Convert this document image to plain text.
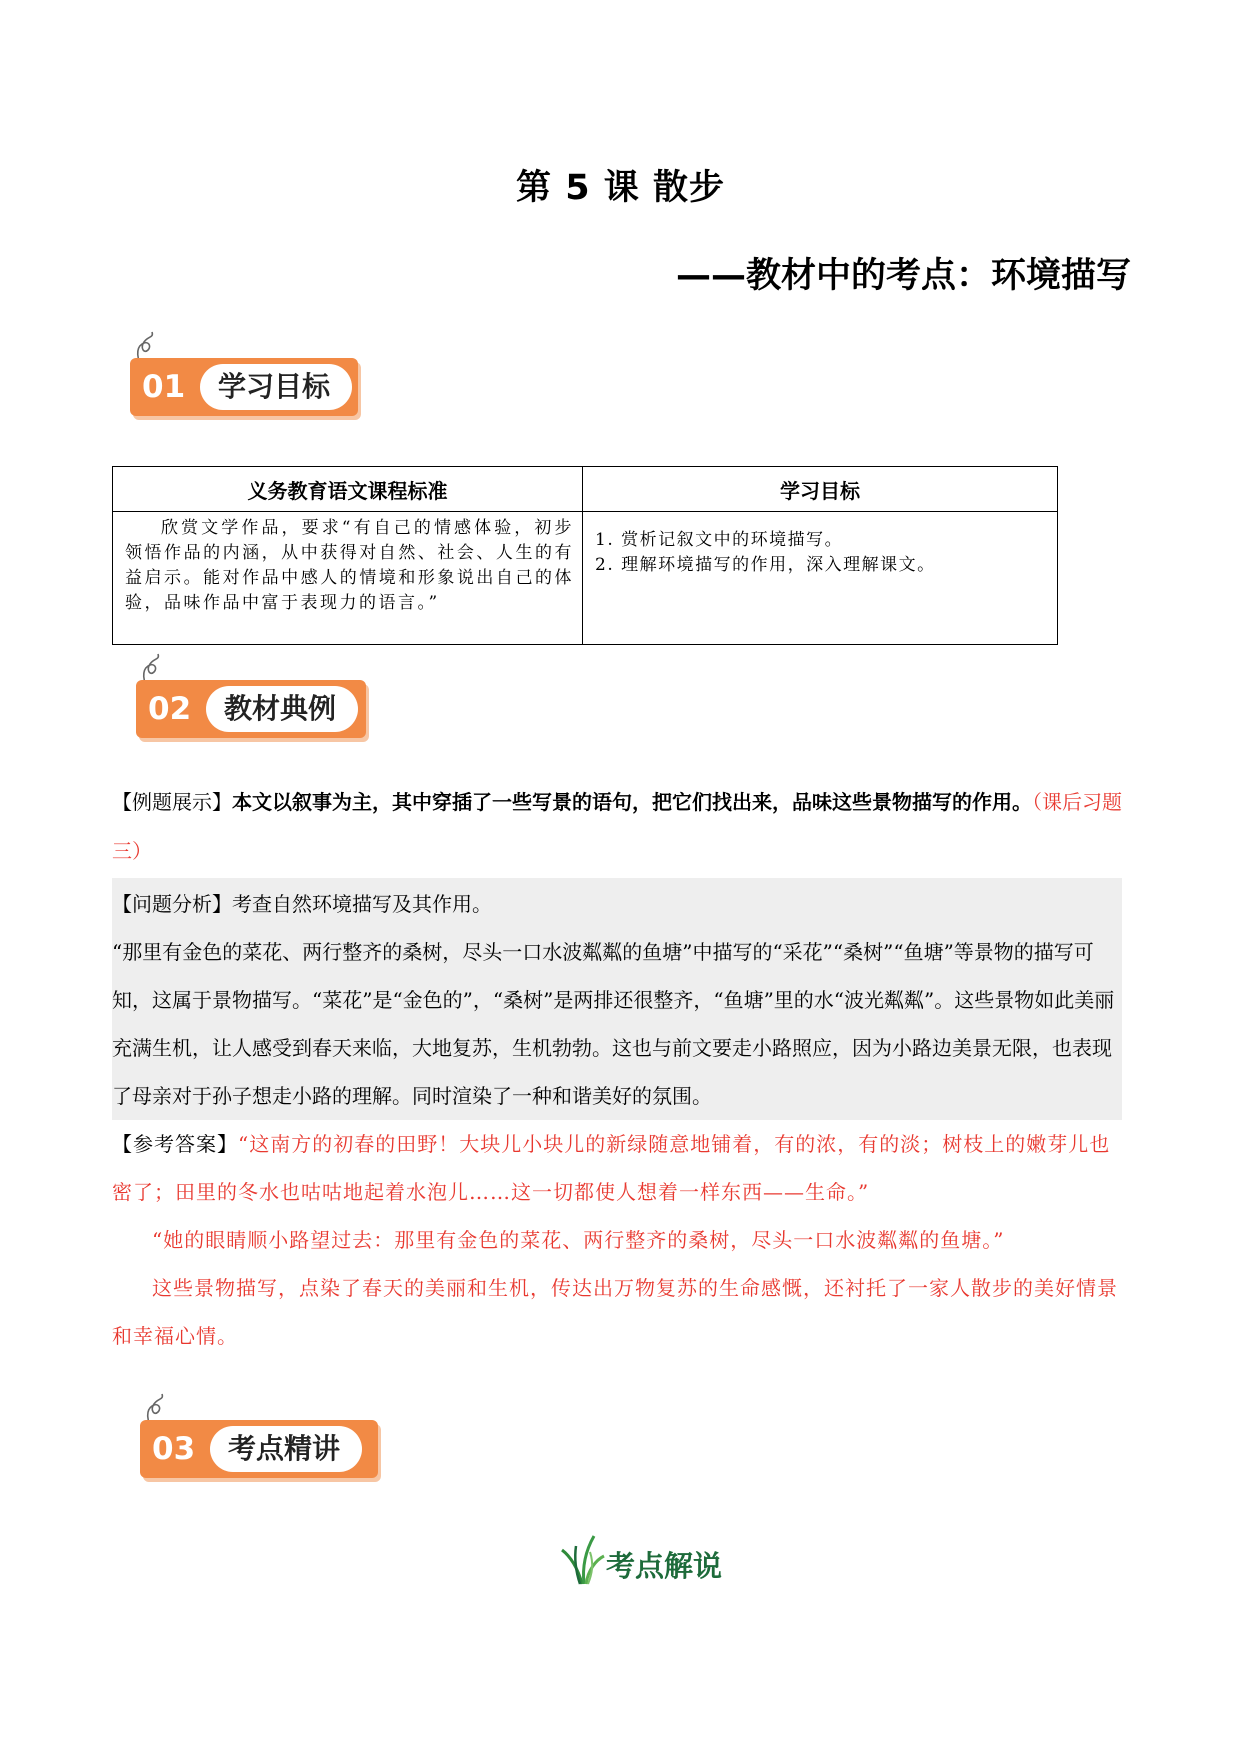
第 5 课 散步
——教材中的考点：环境描写
01	学习目标
义务教育语文课程标准	学习目标
欣赏文学作品，要求“有自己的情感体验，初步领悟作品的内涵，从中获得对自然、社会、人生的有益启示。能对作品中感人的情境和形象说出自己的体验，品味作品中富于表现力的语言。”	1. 赏析记叙文中的环境描写。
2. 理解环境描写的作用，深入理解课文。
02	教材典例
【例题展示】本文以叙事为主，其中穿插了一些写景的语句，把它们找出来，品味这些景物描写的作用。（课后习题三）
【问题分析】考查自然环境描写及其作用。
“那里有金色的菜花、两行整齐的桑树，尽头一口水波粼粼的鱼塘”中描写的“采花”“桑树”“鱼塘”等景物的描写可知，这属于景物描写。“菜花”是“金色的”，“桑树”是两排还很整齐，“鱼塘”里的水“波光粼粼”。这些景物如此美丽充满生机，让人感受到春天来临，大地复苏，生机勃勃。这也与前文要走小路照应，因为小路边美景无限，也表现了母亲对于孙子想走小路的理解。同时渲染了一种和谐美好的氛围。
【参考答案】“这南方的初春的田野！大块儿小块儿的新绿随意地铺着，有的浓，有的淡；树枝上的嫩芽儿也密了；田里的冬水也咕咕地起着水泡儿……这一切都使人想着一样东西——生命。”
“她的眼睛顺小路望过去：那里有金色的菜花、两行整齐的桑树，尽头一口水波粼粼的鱼塘。”
这些景物描写，点染了春天的美丽和生机，传达出万物复苏的生命感慨，还衬托了一家人散步的美好情景和幸福心情。
03	考点精讲
考点解说
